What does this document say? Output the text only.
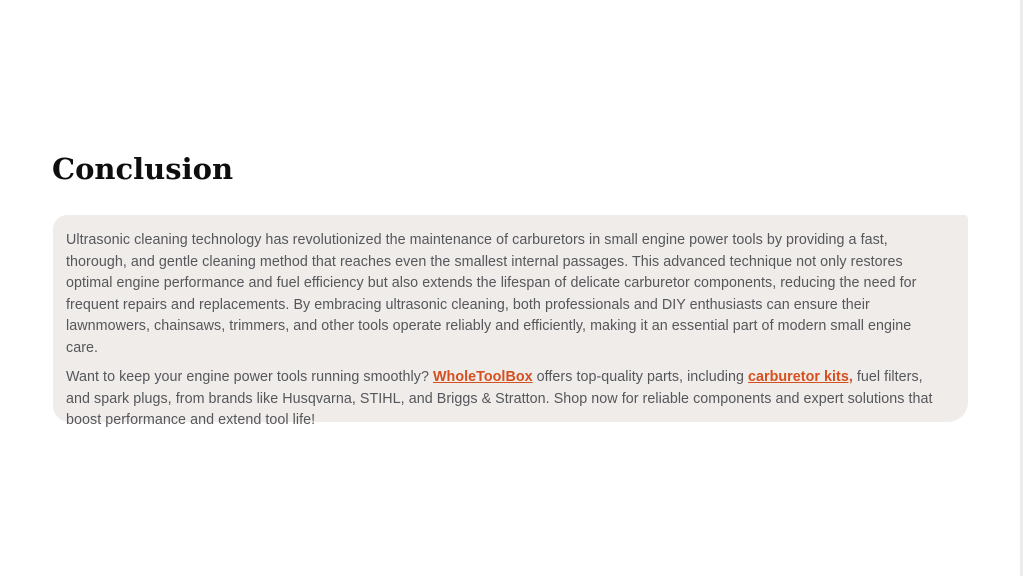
Conclusion

Ultrasonic cleaning technology has revolutionized the maintenance of carburetors in small engine power tools by providing a fast, thorough, and gentle cleaning method that reaches even the smallest internal passages. This advanced technique not only restores optimal engine performance and fuel efficiency but also extends the lifespan of delicate carburetor components, reducing the need for frequent repairs and replacements. By embracing ultrasonic cleaning, both professionals and DIY enthusiasts can ensure their lawnmowers, chainsaws, trimmers, and other tools operate reliably and efficiently, making it an essential part of modern small engine care.

Want to keep your engine power tools running smoothly? WholeToolBox offers top-quality parts, including carburetor kits, fuel filters, and spark plugs, from brands like Husqvarna, STIHL, and Briggs & Stratton. Shop now for reliable components and expert solutions that boost performance and extend tool life!
